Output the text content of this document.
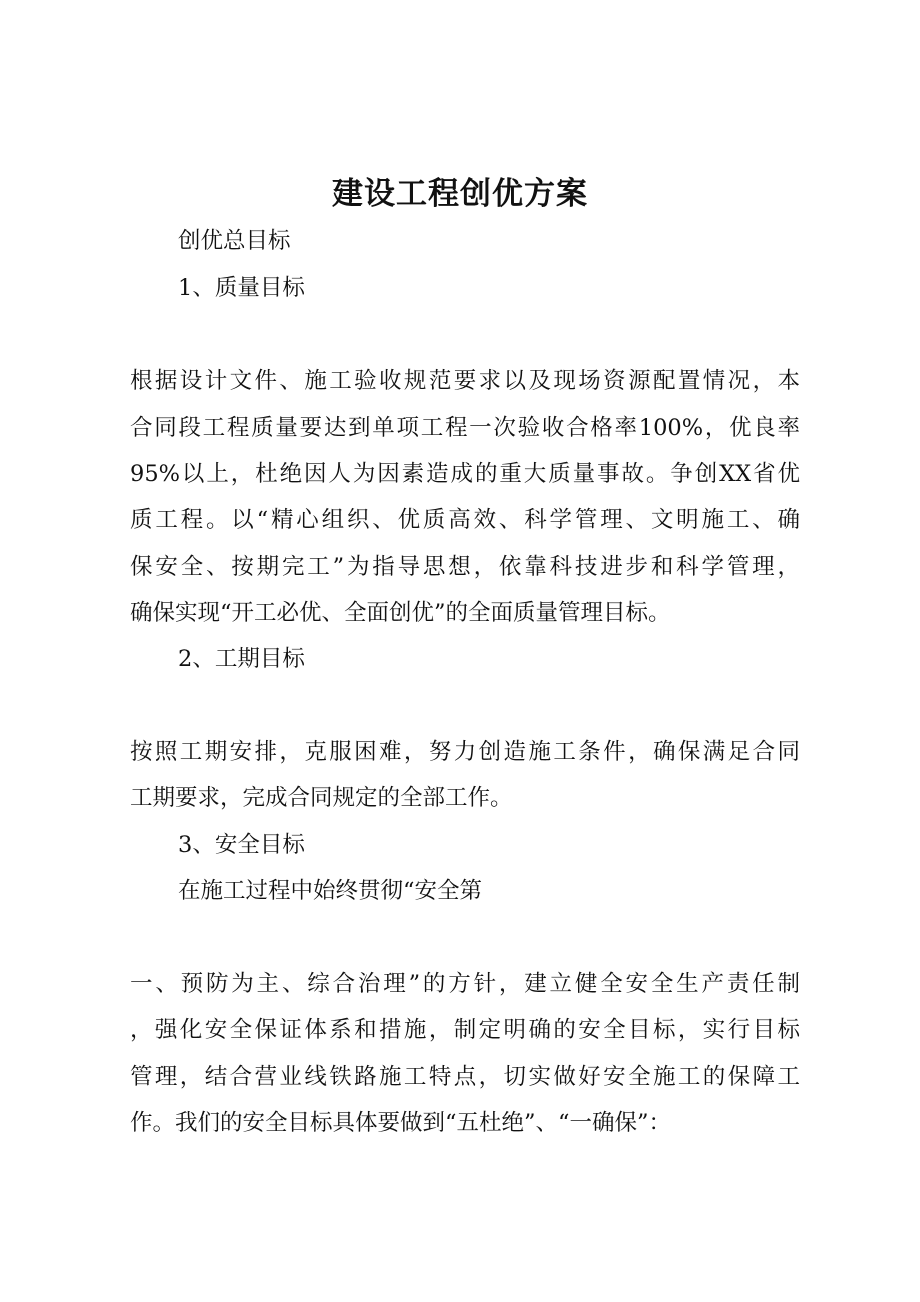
建设工程创优方案

创优总目标

1、质量目标

根据设计文件、施工验收规范要求以及现场资源配置情况，本

合同段工程质量要达到单项工程一次验收合格率100%，优良率

95%以上，杜绝因人为因素造成的重大质量事故。争创XX省优

质工程。以“精心组织、优质高效、科学管理、文明施工、确

保安全、按期完工”为指导思想，依靠科技进步和科学管理，

确保实现“开工必优、全面创优”的全面质量管理目标。

2、工期目标

按照工期安排，克服困难，努力创造施工条件，确保满足合同

工期要求，完成合同规定的全部工作。

3、安全目标

在施工过程中始终贯彻“安全第

一、预防为主、综合治理”的方针，建立健全安全生产责任制

，强化安全保证体系和措施，制定明确的安全目标，实行目标

管理，结合营业线铁路施工特点，切实做好安全施工的保障工

作。我们的安全目标具体要做到“五杜绝”、“一确保”：
